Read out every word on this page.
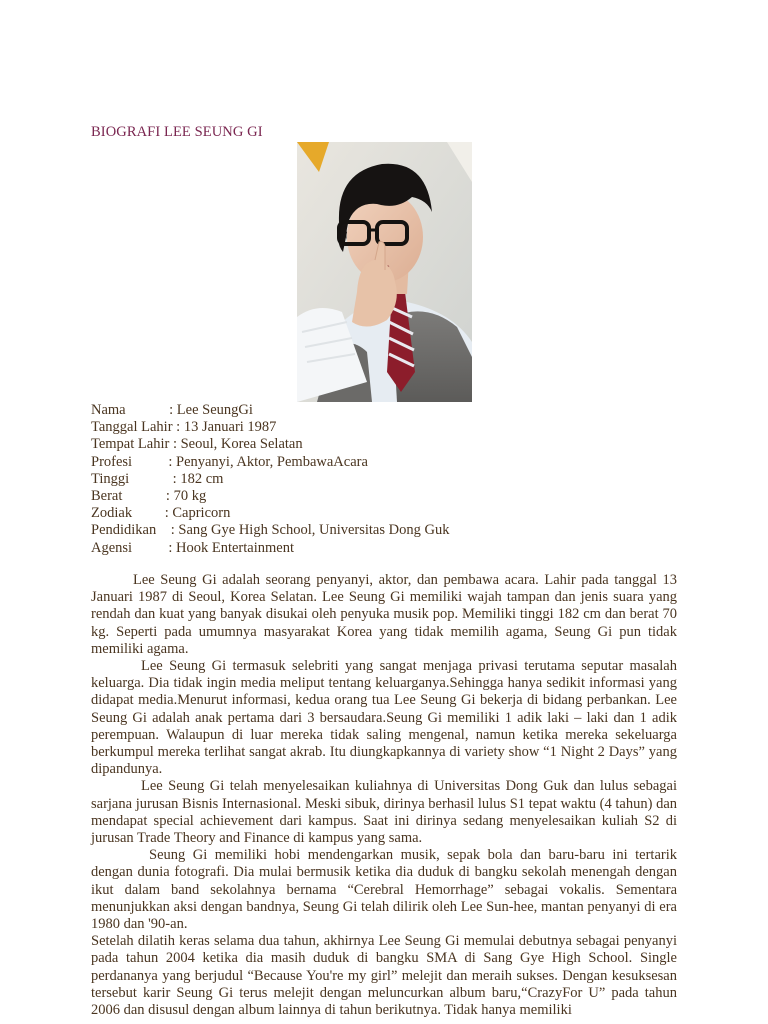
BIOGRAFI LEE SEUNG GI
Nama : Lee SeungGi
Tanggal Lahir : 13 Januari 1987
Tempat Lahir : Seoul, Korea Selatan
Profesi : Penyanyi, Aktor, PembawaAcara
Tinggi : 182 cm
Berat : 70 kg
Zodiak : Capricorn
Pendidikan : Sang Gye High School, Universitas Dong Guk
Agensi : Hook Entertainment

Lee Seung Gi adalah seorang penyanyi, aktor, dan pembawa acara. Lahir pada tanggal 13 Januari 1987 di Seoul, Korea Selatan. Lee Seung Gi memiliki wajah tampan dan jenis suara yang rendah dan kuat yang banyak disukai oleh penyuka musik pop. Memiliki tinggi 182 cm dan berat 70 kg. Seperti pada umumnya masyarakat Korea yang tidak memilih agama, Seung Gi pun tidak memiliki agama.

Lee Seung Gi termasuk selebriti yang sangat menjaga privasi terutama seputar masalah keluarga. Dia tidak ingin media meliput tentang keluarganya.Sehingga hanya sedikit informasi yang didapat media.Menurut informasi, kedua orang tua Lee Seung Gi bekerja di bidang perbankan. Lee Seung Gi adalah anak pertama dari 3 bersaudara.Seung Gi memiliki 1 adik laki – laki dan 1 adik perempuan. Walaupun di luar mereka tidak saling mengenal, namun ketika mereka sekeluarga berkumpul mereka terlihat sangat akrab. Itu diungkapkannya di variety show “1 Night 2 Days” yang dipandunya.

Lee Seung Gi telah menyelesaikan kuliahnya di Universitas Dong Guk dan lulus sebagai sarjana jurusan Bisnis Internasional. Meski sibuk, dirinya berhasil lulus S1 tepat waktu (4 tahun) dan mendapat special achievement dari kampus. Saat ini dirinya sedang menyelesaikan kuliah S2 di jurusan Trade Theory and Finance di kampus yang sama.

Seung Gi memiliki hobi mendengarkan musik, sepak bola dan baru-baru ini tertarik dengan dunia fotografi. Dia mulai bermusik ketika dia duduk di bangku sekolah menengah dengan ikut dalam band sekolahnya bernama “Cerebral Hemorrhage” sebagai vokalis. Sementara menunjukkan aksi dengan bandnya, Seung Gi telah dilirik oleh Lee Sun-hee, mantan penyanyi di era 1980 dan '90-an.

Setelah dilatih keras selama dua tahun, akhirnya Lee Seung Gi memulai debutnya sebagai penyanyi pada tahun 2004 ketika dia masih duduk di bangku SMA di Sang Gye High School. Single perdananya yang berjudul “Because You're my girl” melejit dan meraih sukses. Dengan kesuksesan tersebut karir Seung Gi terus melejit dengan meluncurkan album baru,“CrazyFor U” pada tahun 2006 dan disusul dengan album lainnya di tahun berikutnya. Tidak hanya memiliki
